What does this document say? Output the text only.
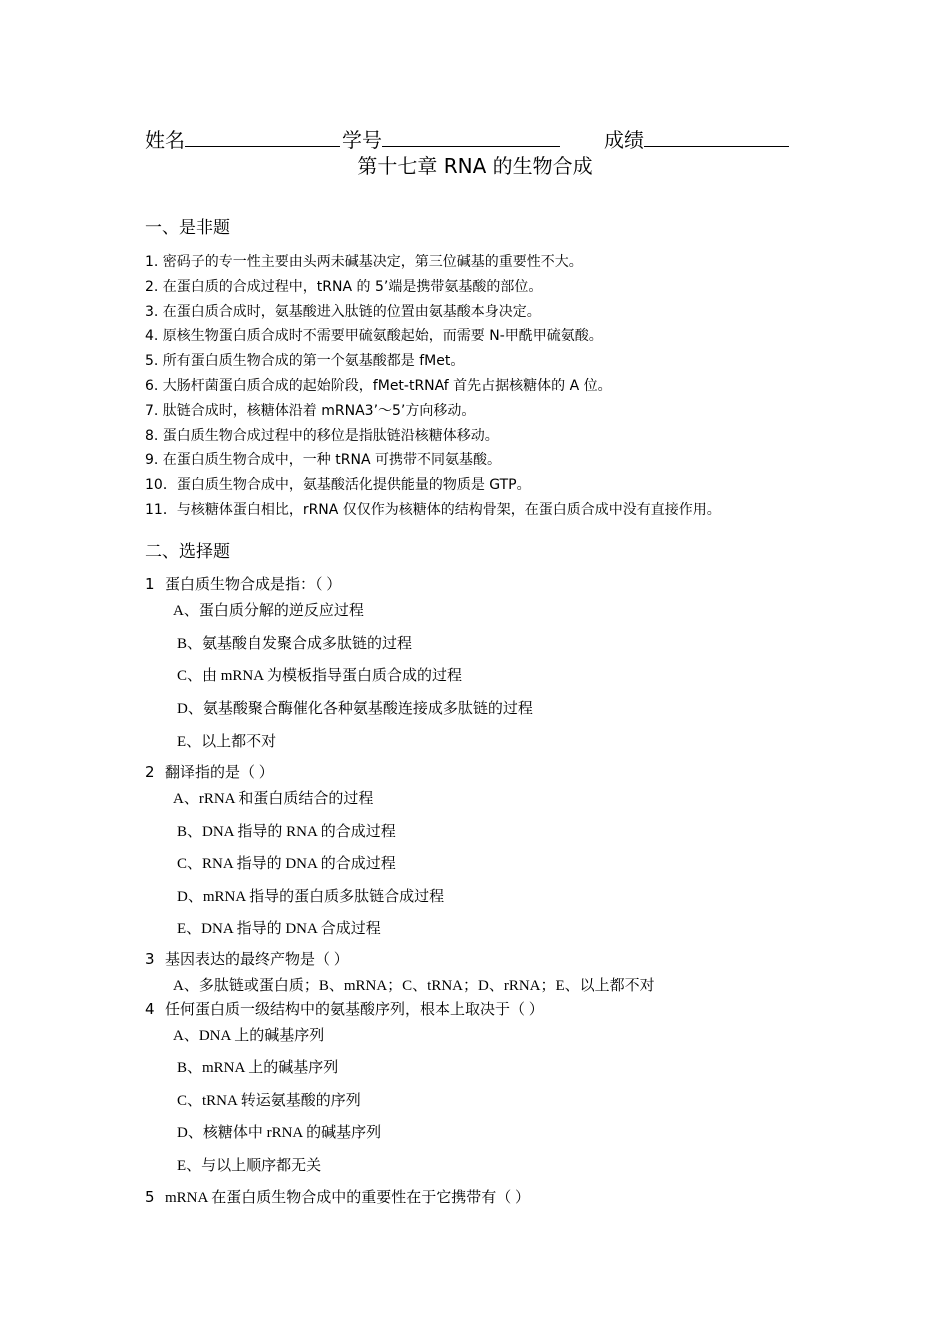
姓名	学号	成绩
第十七章 RNA 的生物合成
一、是非题
1. 密码子的专一性主要由头两未碱基决定，第三位碱基的重要性不大。
2. 在蛋白质的合成过程中，tRNA 的 5’端是携带氨基酸的部位。
3. 在蛋白质合成时，氨基酸进入肽链的位置由氨基酸本身决定。
4. 原核生物蛋白质合成时不需要甲硫氨酸起始，而需要 N-甲酰甲硫氨酸。
5. 所有蛋白质生物合成的第一个氨基酸都是 fMet。
6. 大肠杆菌蛋白质合成的起始阶段，fMet-tRNAf 首先占据核糖体的 A 位。
7. 肽链合成时，核糖体沿着 mRNA3’～5’方向移动。
8. 蛋白质生物合成过程中的移位是指肽链沿核糖体移动。
9. 在蛋白质生物合成中，一种 tRNA 可携带不同氨基酸。
10．蛋白质生物合成中，氨基酸活化提供能量的物质是 GTP。
11．与核糖体蛋白相比，rRNA 仅仅作为核糖体的结构骨架，在蛋白质合成中没有直接作用。
二、选择题
1 蛋白质生物合成是指：（ ）
A、蛋白质分解的逆反应过程
B、氨基酸自发聚合成多肽链的过程
C、由 mRNA 为模板指导蛋白质合成的过程
D、氨基酸聚合酶催化各种氨基酸连接成多肽链的过程
E、以上都不对
2 翻译指的是（ ）
A、rRNA 和蛋白质结合的过程
B、DNA 指导的 RNA 的合成过程
C、RNA 指导的 DNA 的合成过程
D、mRNA 指导的蛋白质多肽链合成过程
E、DNA 指导的 DNA 合成过程
3 基因表达的最终产物是（ ）
A、多肽链或蛋白质；B、mRNA；C、tRNA；D、rRNA；E、以上都不对
4 任何蛋白质一级结构中的氨基酸序列，根本上取决于（ ）
A、DNA 上的碱基序列
B、mRNA 上的碱基序列
C、tRNA 转运氨基酸的序列
D、核糖体中 rRNA 的碱基序列
E、与以上顺序都无关
5 mRNA 在蛋白质生物合成中的重要性在于它携带有（ ）
